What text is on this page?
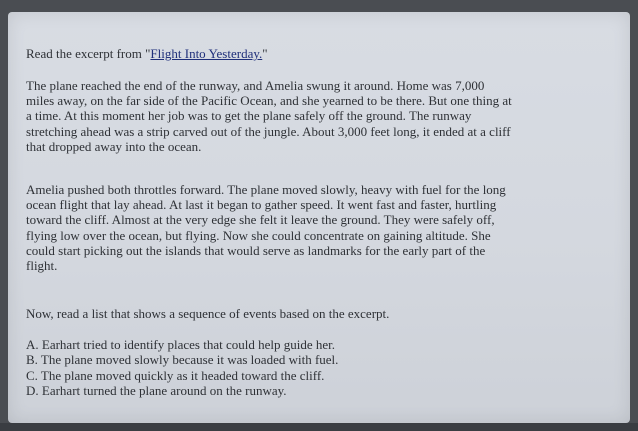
Read the excerpt from "Flight Into Yesterday."

The plane reached the end of the runway, and Amelia swung it around. Home was 7,000
miles away, on the far side of the Pacific Ocean, and she yearned to be there. But one thing at
a time. At this moment her job was to get the plane safely off the ground. The runway
stretching ahead was a strip carved out of the jungle. About 3,000 feet long, it ended at a cliff
that dropped away into the ocean.

Amelia pushed both throttles forward. The plane moved slowly, heavy with fuel for the long
ocean flight that lay ahead. At last it began to gather speed. It went fast and faster, hurtling
toward the cliff. Almost at the very edge she felt it leave the ground. They were safely off,
flying low over the ocean, but flying. Now she could concentrate on gaining altitude. She
could start picking out the islands that would serve as landmarks for the early part of the
flight.

Now, read a list that shows a sequence of events based on the excerpt.

A. Earhart tried to identify places that could help guide her.
B. The plane moved slowly because it was loaded with fuel.
C. The plane moved quickly as it headed toward the cliff.
D. Earhart turned the plane around on the runway.
